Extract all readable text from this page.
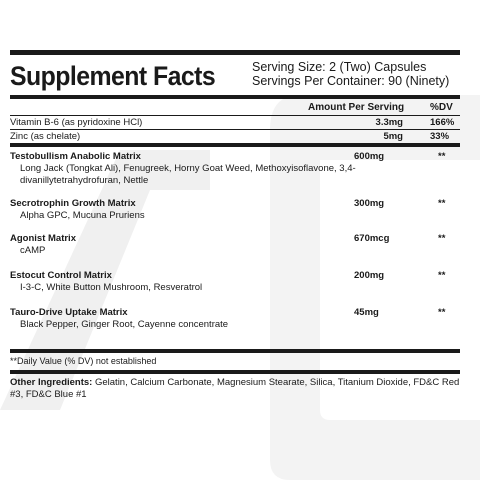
Supplement Facts	Serving Size: 2 (Two) Capsules
Servings Per Container: 90 (Ninety)
Amount Per Serving	%DV
Vitamin B-6 (as pyridoxine HCl)	3.3mg	166%
Zinc (as chelate)	5mg	33%
Testobullism Anabolic Matrix	600mg	**
Long Jack (Tongkat Ali), Fenugreek, Horny Goat Weed, Methoxyisoflavone, 3,4-divanillytetrahydrofuran, Nettle
Secrotrophin Growth Matrix	300mg	**
Alpha GPC, Mucuna Pruriens
Agonist Matrix	670mcg	**
cAMP
Estocut Control Matrix	200mg	**
I-3-C, White Button Mushroom, Resveratrol
Tauro-Drive Uptake Matrix	45mg	**
Black Pepper, Ginger Root, Cayenne concentrate
**Daily Value (% DV) not established
Other Ingredients: Gelatin, Calcium Carbonate, Magnesium Stearate, Silica, Titanium Dioxide, FD&C Red #3, FD&C Blue #1
